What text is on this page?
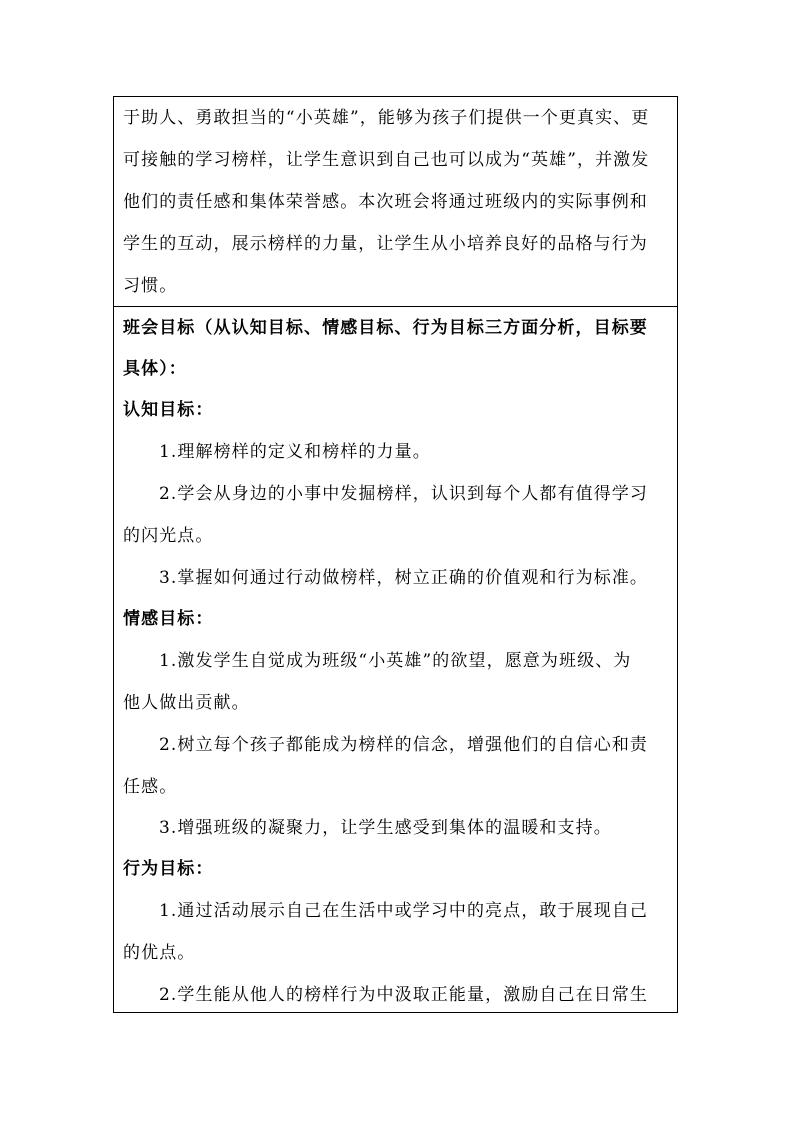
于助人、勇敢担当的“小英雄”，能够为孩子们提供一个更真实、更
可接触的学习榜样，让学生意识到自己也可以成为“英雄”，并激发
他们的责任感和集体荣誉感。本次班会将通过班级内的实际事例和
学生的互动，展示榜样的力量，让学生从小培养良好的品格与行为
习惯。
班会目标（从认知目标、情感目标、行为目标三方面分析，目标要
具体）：
认知目标：
1.理解榜样的定义和榜样的力量。
2.学会从身边的小事中发掘榜样，认识到每个人都有值得学习
的闪光点。
3.掌握如何通过行动做榜样，树立正确的价值观和行为标准。
情感目标：
1.激发学生自觉成为班级“小英雄”的欲望，愿意为班级、为
他人做出贡献。
2.树立每个孩子都能成为榜样的信念，增强他们的自信心和责
任感。
3.增强班级的凝聚力，让学生感受到集体的温暖和支持。
行为目标：
1.通过活动展示自己在生活中或学习中的亮点，敢于展现自己
的优点。
2.学生能从他人的榜样行为中汲取正能量，激励自己在日常生
